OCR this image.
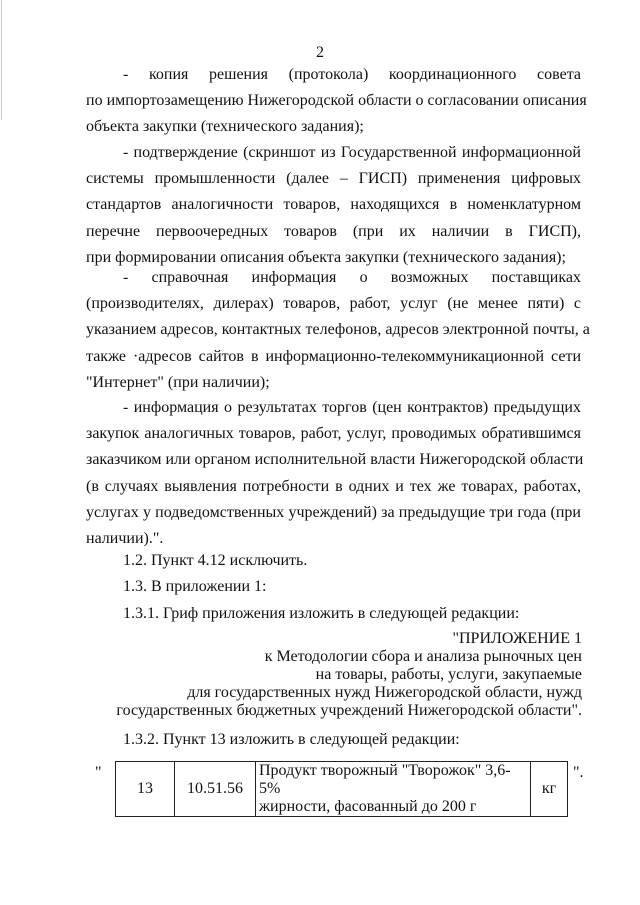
2

-  копия  решения  (протокола)  координационного  совета
по импортозамещению Нижегородской области о согласовании описания
объекта закупки (технического задания);

- подтверждение (скриншот из Государственной информационной
системы промышленности (далее – ГИСП) применения цифровых
стандартов аналогичности товаров, находящихся в номенклатурном
перечне первоочередных товаров (при их наличии в ГИСП),
при формировании описания объекта закупки (технического задания);

-  справочная  информация  о  возможных  поставщиках
(производителях, дилерах) товаров, работ, услуг (не менее пяти) с
указанием адресов, контактных телефонов, адресов электронной почты, а
также ·адресов сайтов в информационно-телекоммуникационной сети
"Интернет" (при наличии);

- информация о результатах торгов (цен контрактов) предыдущих
закупок аналогичных товаров, работ, услуг, проводимых обратившимся
заказчиком или органом исполнительной власти Нижегородской области
(в случаях выявления потребности в одних и тех же товарах, работах,
услугах у подведомственных учреждений) за предыдущие три года (при
наличии).".

1.2. Пункт 4.12 исключить.

1.3. В приложении 1:

1.3.1. Гриф приложения изложить в следующей редакции:

"ПРИЛОЖЕНИЕ 1
к Методологии сбора и анализа рыночных цен
на товары, работы, услуги, закупаемые
для государственных нужд Нижегородской области, нужд
государственных бюджетных учреждений Нижегородской области".

1.3.2. Пункт 13 изложить в следующей редакции:

"
13	10.51.56	
Продукт творожный "Творожок" 3,6-5%
жирности, фасованный до 200 г
	кг
".
